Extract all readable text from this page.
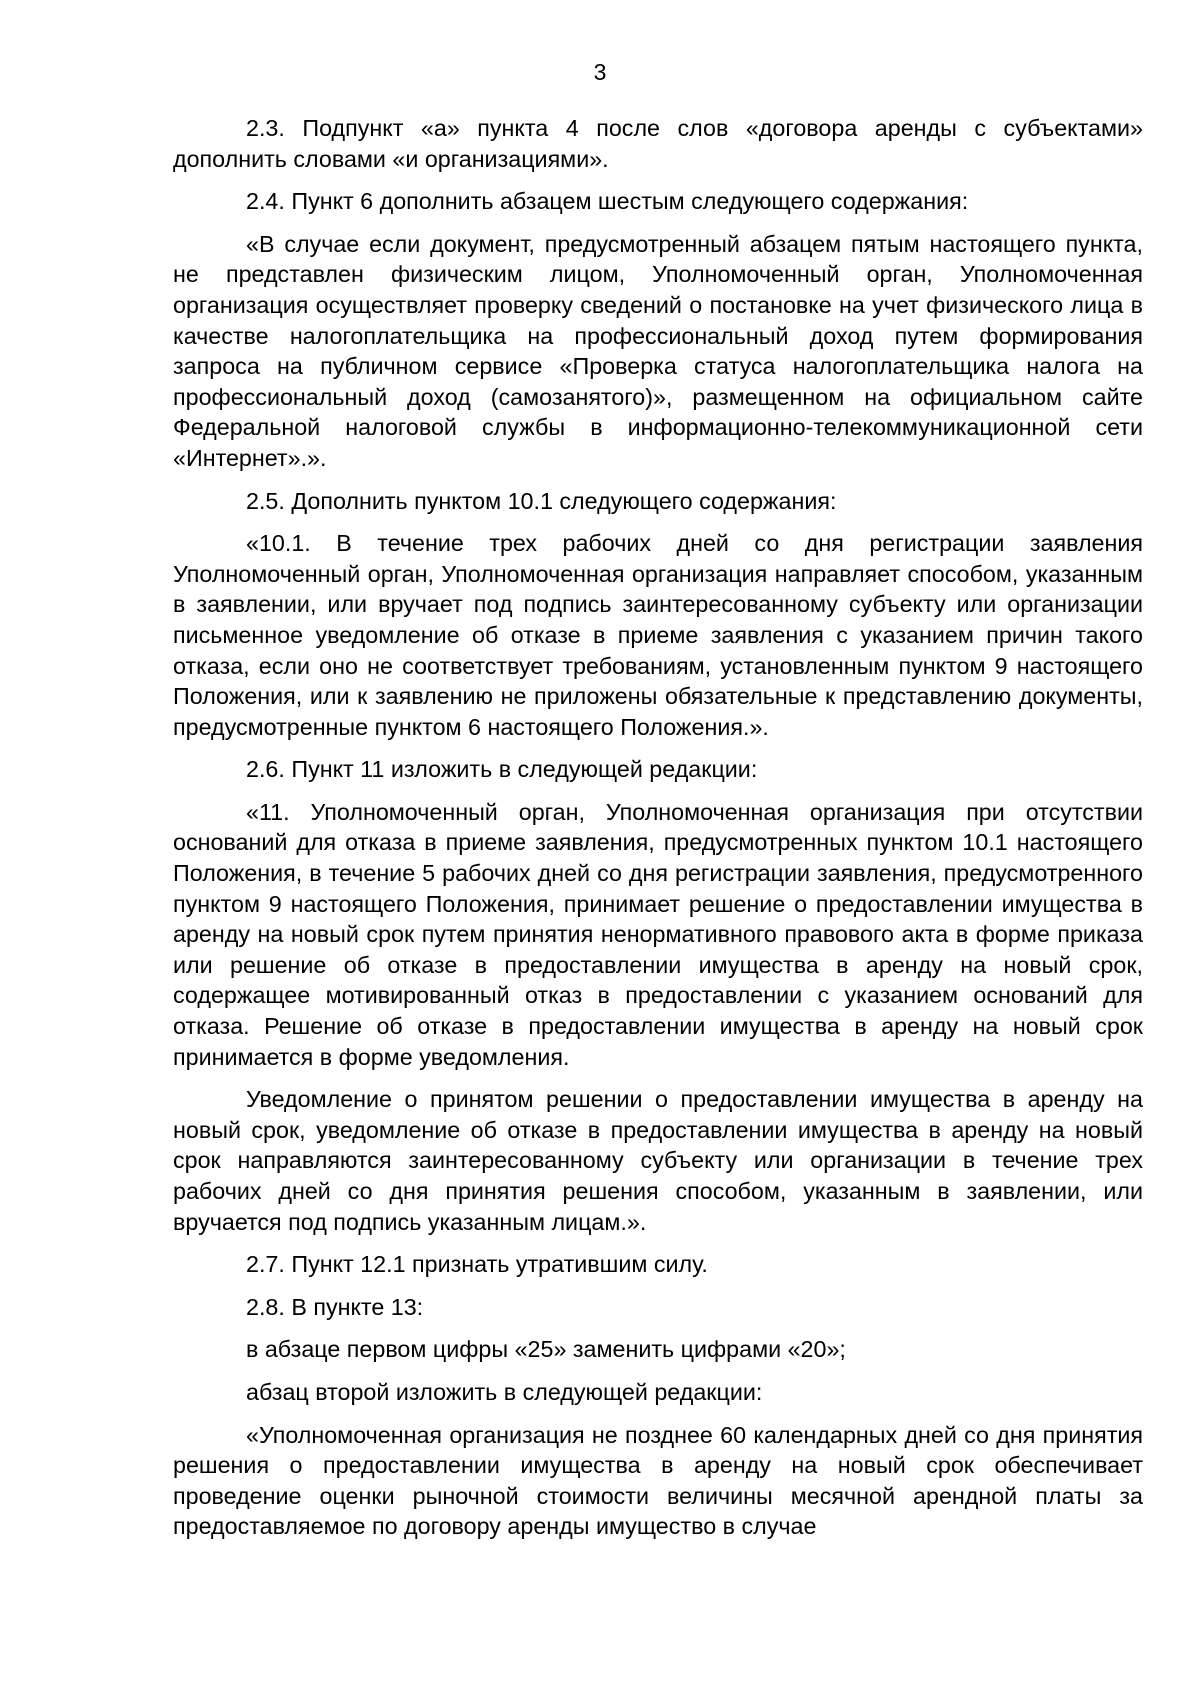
3

2.3. Подпункт «а» пункта 4 после слов «договора аренды с субъектами» дополнить словами «и организациями».

2.4. Пункт 6 дополнить абзацем шестым следующего содержания:

«В случае если документ, предусмотренный абзацем пятым настоящего пункта, не представлен физическим лицом, Уполномоченный орган, Уполномоченная организация осуществляет проверку сведений о постановке на учет физического лица в качестве налогоплательщика на профессиональный доход путем формирования запроса на публичном сервисе «Проверка статуса налогоплательщика налога на профессиональный доход (самозанятого)», размещенном на официальном сайте Федеральной налоговой службы в информационно-телекоммуникационной сети «Интернет».».

2.5. Дополнить пунктом 10.1 следующего содержания:

«10.1. В течение трех рабочих дней со дня регистрации заявления Уполномоченный орган, Уполномоченная организация направляет способом, указанным в заявлении, или вручает под подпись заинтересованному субъекту или организации письменное уведомление об отказе в приеме заявления с указанием причин такого отказа, если оно не соответствует требованиям, установленным пунктом 9 настоящего Положения, или к заявлению не приложены обязательные к представлению документы, предусмотренные пунктом 6 настоящего Положения.».

2.6. Пункт 11 изложить в следующей редакции:

«11. Уполномоченный орган, Уполномоченная организация при отсутствии оснований для отказа в приеме заявления, предусмотренных пунктом 10.1 настоящего Положения, в течение 5 рабочих дней со дня регистрации заявления, предусмотренного пунктом 9 настоящего Положения, принимает решение о предоставлении имущества в аренду на новый срок путем принятия ненормативного правового акта в форме приказа или решение об отказе в предоставлении имущества в аренду на новый срок, содержащее мотивированный отказ в предоставлении с указанием оснований для отказа. Решение об отказе в предоставлении имущества в аренду на новый срок принимается в форме уведомления.

Уведомление о принятом решении о предоставлении имущества в аренду на новый срок, уведомление об отказе в предоставлении имущества в аренду на новый срок направляются заинтересованному субъекту или организации в течение трех рабочих дней со дня принятия решения способом, указанным в заявлении, или вручается под подпись указанным лицам.».

2.7. Пункт 12.1 признать утратившим силу.

2.8. В пункте 13:

в абзаце первом цифры «25» заменить цифрами «20»;

абзац второй изложить в следующей редакции:

«Уполномоченная организация не позднее 60 календарных дней со дня принятия решения о предоставлении имущества в аренду на новый срок обеспечивает проведение оценки рыночной стоимости величины месячной арендной платы за предоставляемое по договору аренды имущество в случае
